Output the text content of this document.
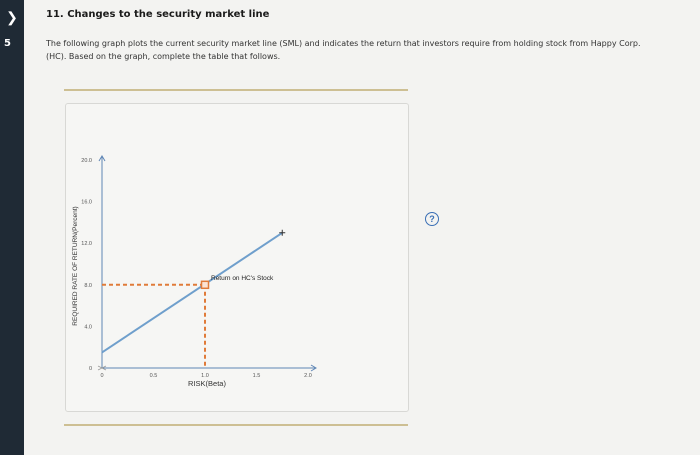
❯
5
11. Changes to the security market line
The following graph plots the current security market line (SML) and indicates the return that investors require from holding stock from Happy Corp. (HC). Based on the graph, complete the table that follows.
?
REQUIRED RATE OF RETURN(Percent)
RISK(Beta)
0	0.5	1.0	1.5	2.0
0
4.0
8.0
12.0
16.0
20.0
Return on HC's Stock
